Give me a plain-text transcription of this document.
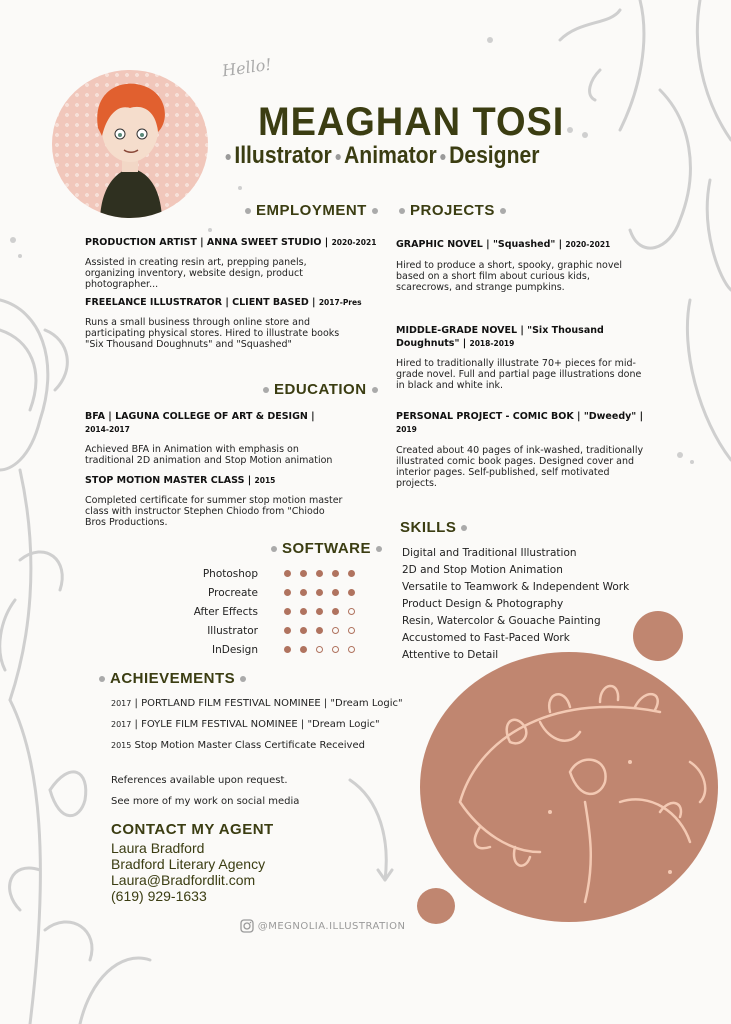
Hello!
MEAGHAN TOSI
Illustrator Animator Designer
EMPLOYMENT
PRODUCTION ARTIST | ANNA SWEET STUDIO | 2020-2021
Assisted in creating resin art, prepping panels,
organizing inventory, website design, product
photographer...
FREELANCE ILLUSTRATOR | CLIENT BASED | 2017-Pres
Runs a small business through online store and
participating physical stores. Hired to illustrate books
"Six Thousand Doughnuts" and "Squashed"
EDUCATION
BFA | LAGUNA COLLEGE OF ART & DESIGN |
2014-2017
Achieved BFA in Animation with emphasis on
traditional 2D animation and Stop Motion animation
STOP MOTION MASTER CLASS | 2015
Completed certificate for summer stop motion master
class with instructor Stephen Chiodo from "Chiodo
Bros Productions.
PROJECTS
GRAPHIC NOVEL | "Squashed" | 2020-2021
Hired to produce a short, spooky, graphic novel
based on a short film about curious kids,
scarecrows, and strange pumpkins.
MIDDLE-GRADE NOVEL | "Six Thousand
Doughnuts" | 2018-2019
Hired to traditionally illustrate 70+ pieces for mid-
grade novel. Full and partial page illustrations done
in black and white ink.
PERSONAL PROJECT - COMIC BOK | "Dweedy" |
2019
Created about 40 pages of ink-washed, traditionally
illustrated comic book pages. Designed cover and
interior pages. Self-published, self motivated
projects.
SOFTWARE
Photoshop
Procreate
After Effects
Illustrator
InDesign
SKILLS
Digital and Traditional Illustration
2D and Stop Motion Animation
Versatile to Teamwork & Independent Work
Product Design & Photography
Resin, Watercolor & Gouache Painting
Accustomed to Fast-Paced Work
Attentive to Detail
ACHIEVEMENTS
2017 | PORTLAND FILM FESTIVAL NOMINEE | "Dream Logic"
2017 | FOYLE FILM FESTIVAL NOMINEE | "Dream Logic"
2015 Stop Motion Master Class Certificate Received
References available upon request.
See more of my work on social media
CONTACT MY AGENT
Laura Bradford
Bradford Literary Agency
Laura@Bradfordlit.com
(619) 929-1633
@MEGNOLIA.ILLUSTRATION
